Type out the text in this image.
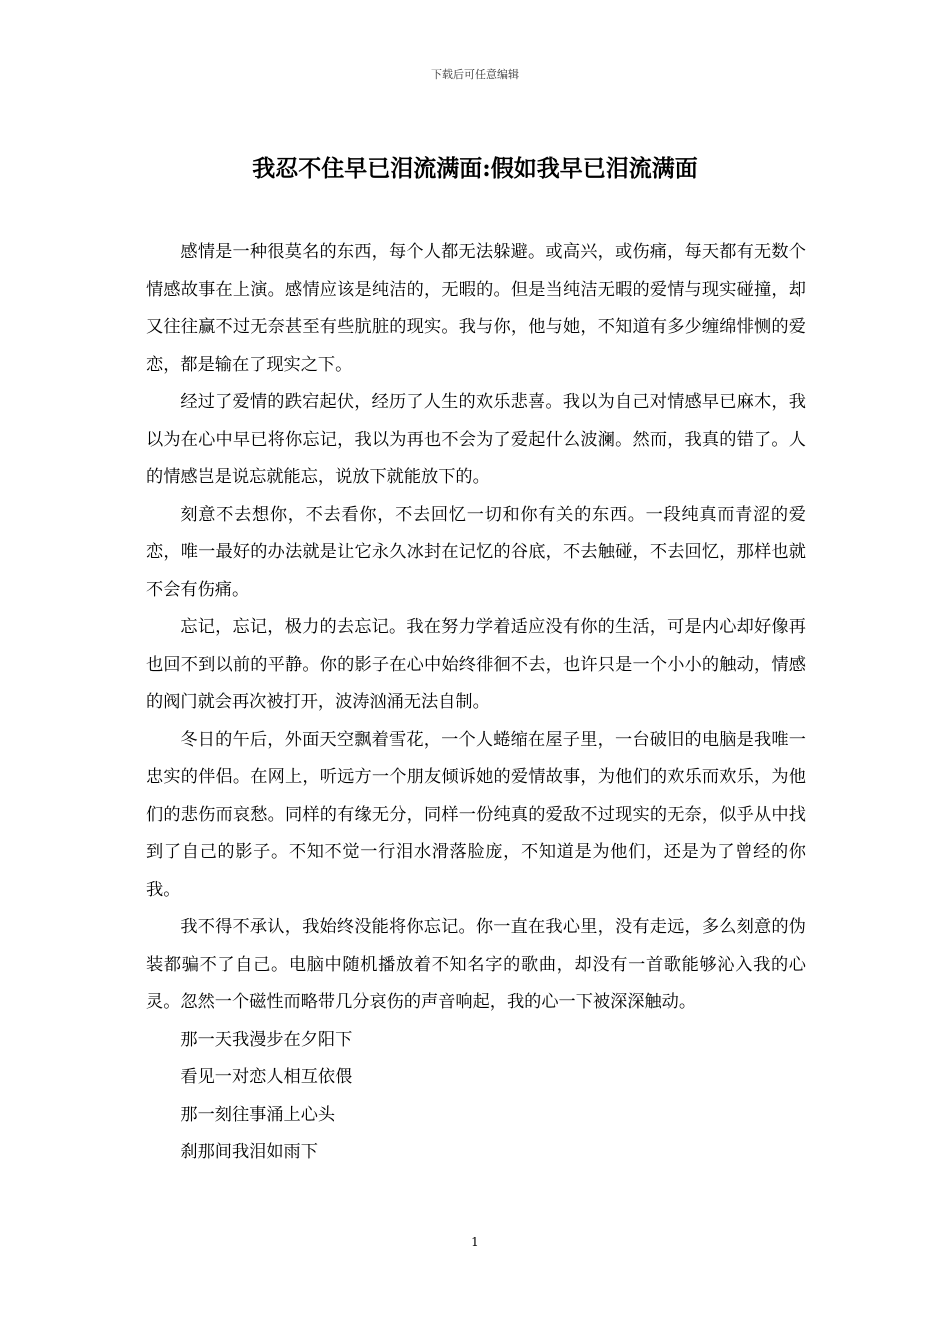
下载后可任意编辑
我忍不住早已泪流满面:假如我早已泪流满面

感情是一种很莫名的东西，每个人都无法躲避。或高兴，或伤痛，每天都有无数个情感故事在上演。感情应该是纯洁的，无暇的。但是当纯洁无暇的爱情与现实碰撞，却又往往赢不过无奈甚至有些肮脏的现实。我与你，他与她，不知道有多少缠绵悱恻的爱恋，都是输在了现实之下。

经过了爱情的跌宕起伏，经历了人生的欢乐悲喜。我以为自己对情感早已麻木，我以为在心中早已将你忘记，我以为再也不会为了爱起什么波澜。然而，我真的错了。人的情感岂是说忘就能忘，说放下就能放下的。

刻意不去想你，不去看你，不去回忆一切和你有关的东西。一段纯真而青涩的爱恋，唯一最好的办法就是让它永久冰封在记忆的谷底，不去触碰，不去回忆，那样也就不会有伤痛。

忘记，忘记，极力的去忘记。我在努力学着适应没有你的生活，可是内心却好像再也回不到以前的平静。你的影子在心中始终徘徊不去，也许只是一个小小的触动，情感的阀门就会再次被打开，波涛汹涌无法自制。

冬日的午后，外面天空飘着雪花，一个人蜷缩在屋子里，一台破旧的电脑是我唯一忠实的伴侣。在网上，听远方一个朋友倾诉她的爱情故事，为他们的欢乐而欢乐，为他们的悲伤而哀愁。同样的有缘无分，同样一份纯真的爱敌不过现实的无奈，似乎从中找到了自己的影子。不知不觉一行泪水滑落脸庞，不知道是为他们，还是为了曾经的你我。

我不得不承认，我始终没能将你忘记。你一直在我心里，没有走远，多么刻意的伪装都骗不了自己。电脑中随机播放着不知名字的歌曲，却没有一首歌能够沁入我的心灵。忽然一个磁性而略带几分哀伤的声音响起，我的心一下被深深触动。

那一天我漫步在夕阳下

看见一对恋人相互依偎

那一刻往事涌上心头

刹那间我泪如雨下

1
